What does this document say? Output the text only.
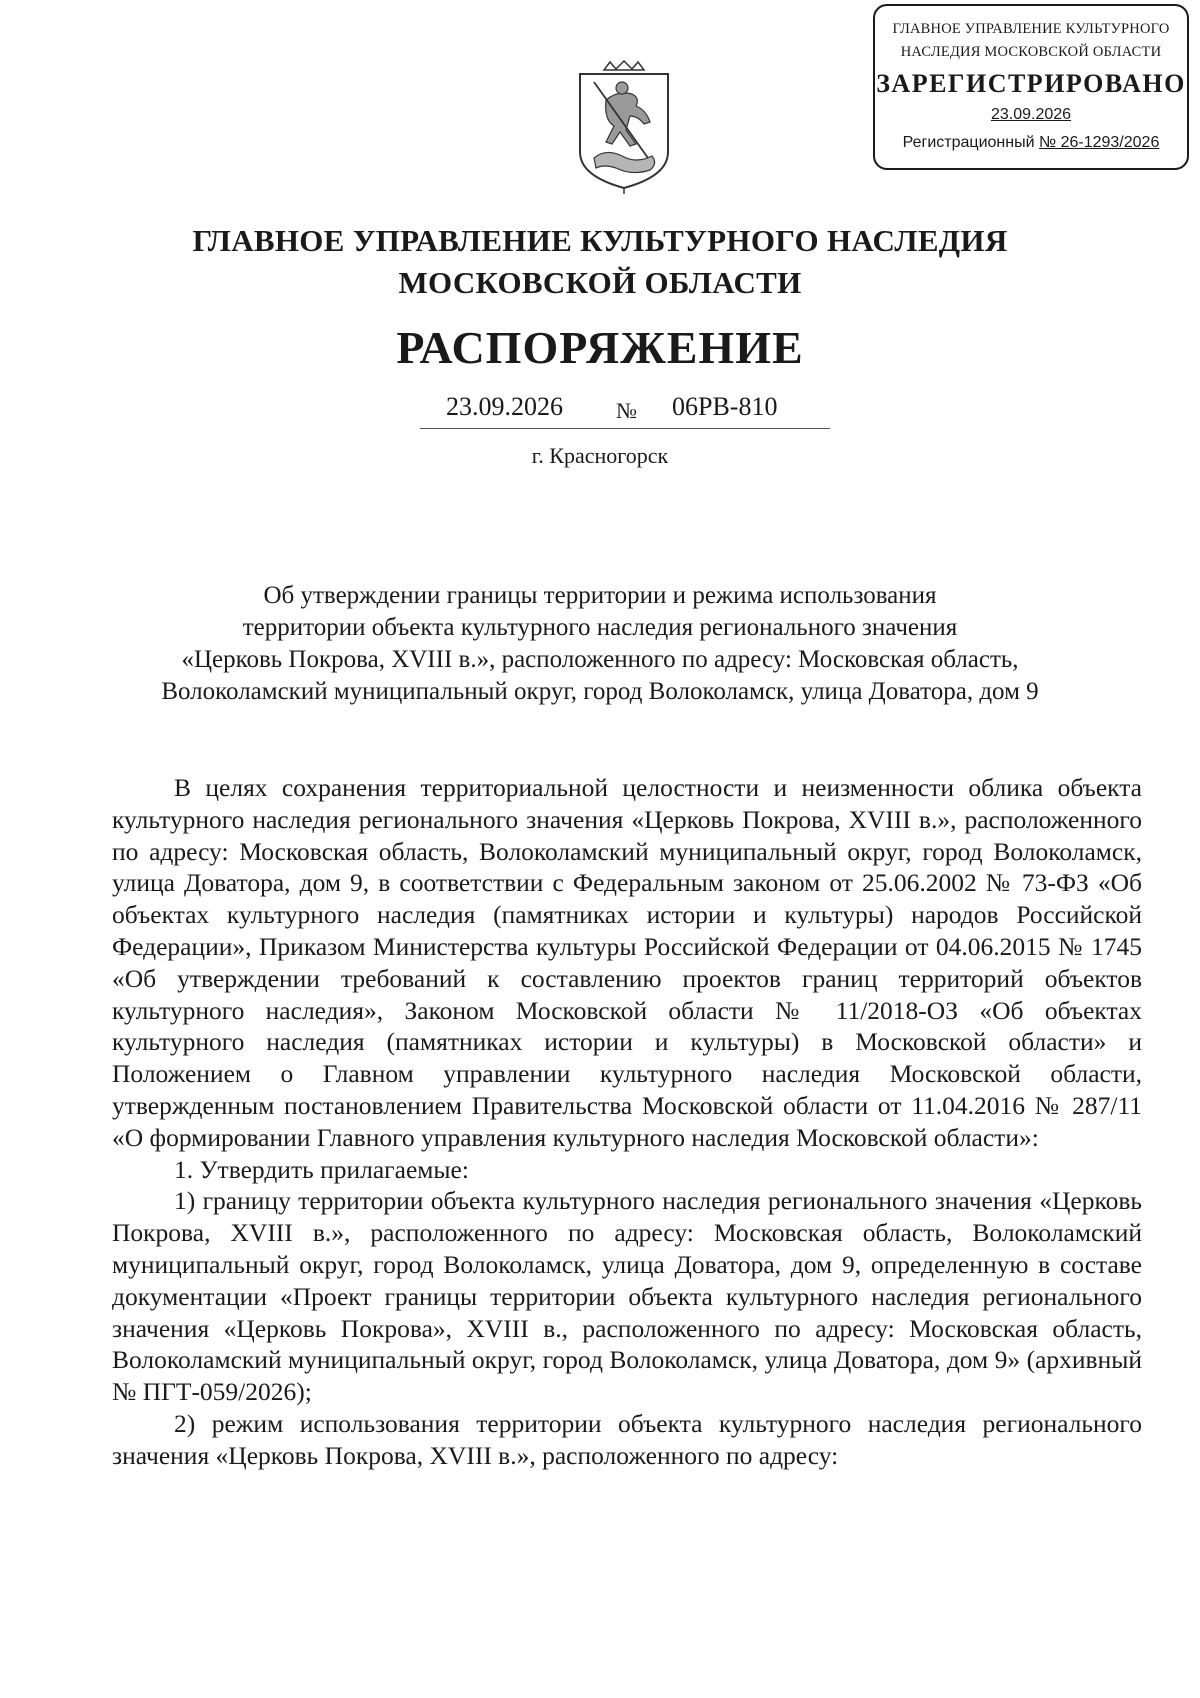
ГЛАВНОЕ УПРАВЛЕНИЕ КУЛЬТУРНОГО
НАСЛЕДИЯ МОСКОВСКОЙ ОБЛАСТИ
ЗАРЕГИСТРИРОВАНО
23.09.2026
Регистрационный № 26-1293/2026
ГЛАВНОЕ УПРАВЛЕНИЕ КУЛЬТУРНОГО НАСЛЕДИЯ
МОСКОВСКОЙ ОБЛАСТИ
РАСПОРЯЖЕНИЕ
23.09.2026 № 06РВ-810
г. Красногорск
Об утверждении границы территории и режима использования
территории объекта культурного наследия регионального значения
«Церковь Покрова, XVIII в.», расположенного по адресу: Московская область,
Волоколамский муниципальный округ, город Волоколамск, улица Доватора, дом 9

В целях сохранения территориальной целостности и неизменности облика объекта культурного наследия регионального значения «Церковь Покрова, XVIII в.», расположенного по адресу: Московская область, Волоколамский муниципальный округ, город Волоколамск, улица Доватора, дом 9, в соответствии с Федеральным законом от 25.06.2002 № 73-ФЗ «Об объектах культурного наследия (памятниках истории и культуры) народов Российской Федерации», Приказом Министерства культуры Российской Федерации от 04.06.2015 № 1745 «Об утверждении требований к составлению проектов границ территорий объектов культурного наследия», Законом Московской области № 11/2018-ОЗ «Об объектах культурного наследия (памятниках истории и культуры) в Московской области» и Положением о Главном управлении культурного наследия Московской области, утвержденным постановлением Правительства Московской области от 11.04.2016 № 287/11 «О формировании Главного управления культурного наследия Московской области»:

1. Утвердить прилагаемые:

1) границу территории объекта культурного наследия регионального значения «Церковь Покрова, XVIII в.», расположенного по адресу: Московская область, Волоколамский муниципальный округ, город Волоколамск, улица Доватора, дом 9, определенную в составе документации «Проект границы территории объекта культурного наследия регионального значения «Церковь Покрова», XVIII в., расположенного по адресу: Московская область, Волоколамский муниципальный округ, город Волоколамск, улица Доватора, дом 9» (архивный № ПГТ-059/2026);

2) режим использования территории объекта культурного наследия регионального значения «Церковь Покрова, XVIII в.», расположенного по адресу:
